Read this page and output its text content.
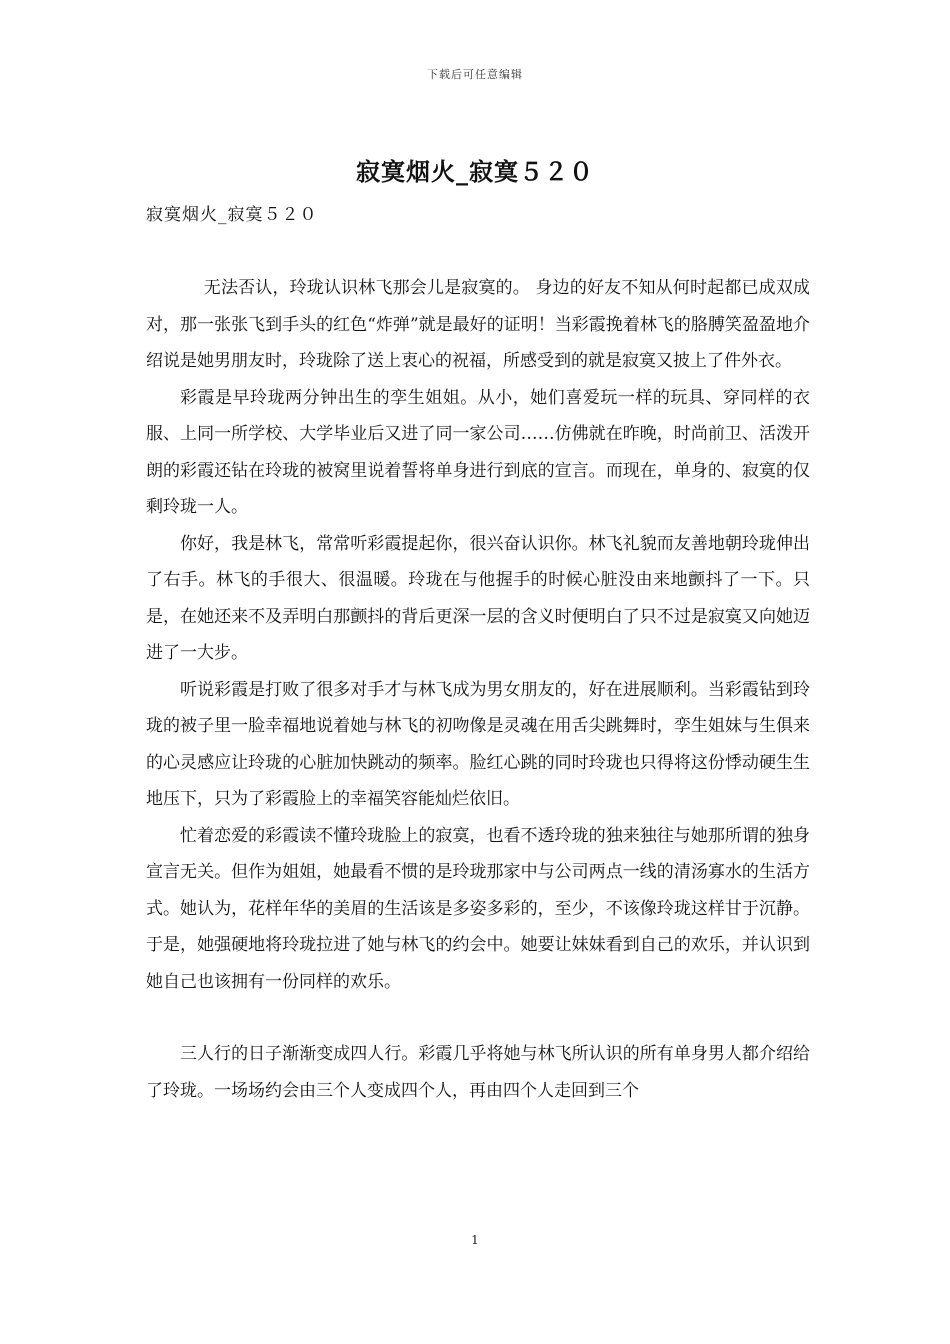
下载后可任意编辑
寂寞烟火_寂寞５２０
寂寞烟火_寂寞５２０

无法否认，玲珑认识林飞那会儿是寂寞的。 身边的好友不知从何时起都已成双成对，那一张张飞到手头的红色“炸弹”就是最好的证明！当彩霞挽着林飞的胳膊笑盈盈地介绍说是她男朋友时，玲珑除了送上衷心的祝福，所感受到的就是寂寞又披上了件外衣。

彩霞是早玲珑两分钟出生的孪生姐姐。从小，她们喜爱玩一样的玩具、穿同样的衣服、上同一所学校、大学毕业后又进了同一家公司……仿佛就在昨晚，时尚前卫、活泼开朗的彩霞还钻在玲珑的被窝里说着誓将单身进行到底的宣言。而现在，单身的、寂寞的仅剩玲珑一人。

你好，我是林飞，常常听彩霞提起你，很兴奋认识你。林飞礼貌而友善地朝玲珑伸出了右手。林飞的手很大、很温暖。玲珑在与他握手的时候心脏没由来地颤抖了一下。只是，在她还来不及弄明白那颤抖的背后更深一层的含义时便明白了只不过是寂寞又向她迈进了一大步。

听说彩霞是打败了很多对手才与林飞成为男女朋友的，好在进展顺利。当彩霞钻到玲珑的被子里一脸幸福地说着她与林飞的初吻像是灵魂在用舌尖跳舞时，孪生姐妹与生俱来的心灵感应让玲珑的心脏加快跳动的频率。脸红心跳的同时玲珑也只得将这份悸动硬生生地压下，只为了彩霞脸上的幸福笑容能灿烂依旧。

忙着恋爱的彩霞读不懂玲珑脸上的寂寞，也看不透玲珑的独来独往与她那所谓的独身宣言无关。但作为姐姐，她最看不惯的是玲珑那家中与公司两点一线的清汤寡水的生活方式。她认为，花样年华的美眉的生活该是多姿多彩的，至少，不该像玲珑这样甘于沉静。于是，她强硬地将玲珑拉进了她与林飞的约会中。她要让妹妹看到自己的欢乐，并认识到她自己也该拥有一份同样的欢乐。

三人行的日子渐渐变成四人行。彩霞几乎将她与林飞所认识的所有单身男人都介绍给了玲珑。一场场约会由三个人变成四个人，再由四个人走回到三个

1
